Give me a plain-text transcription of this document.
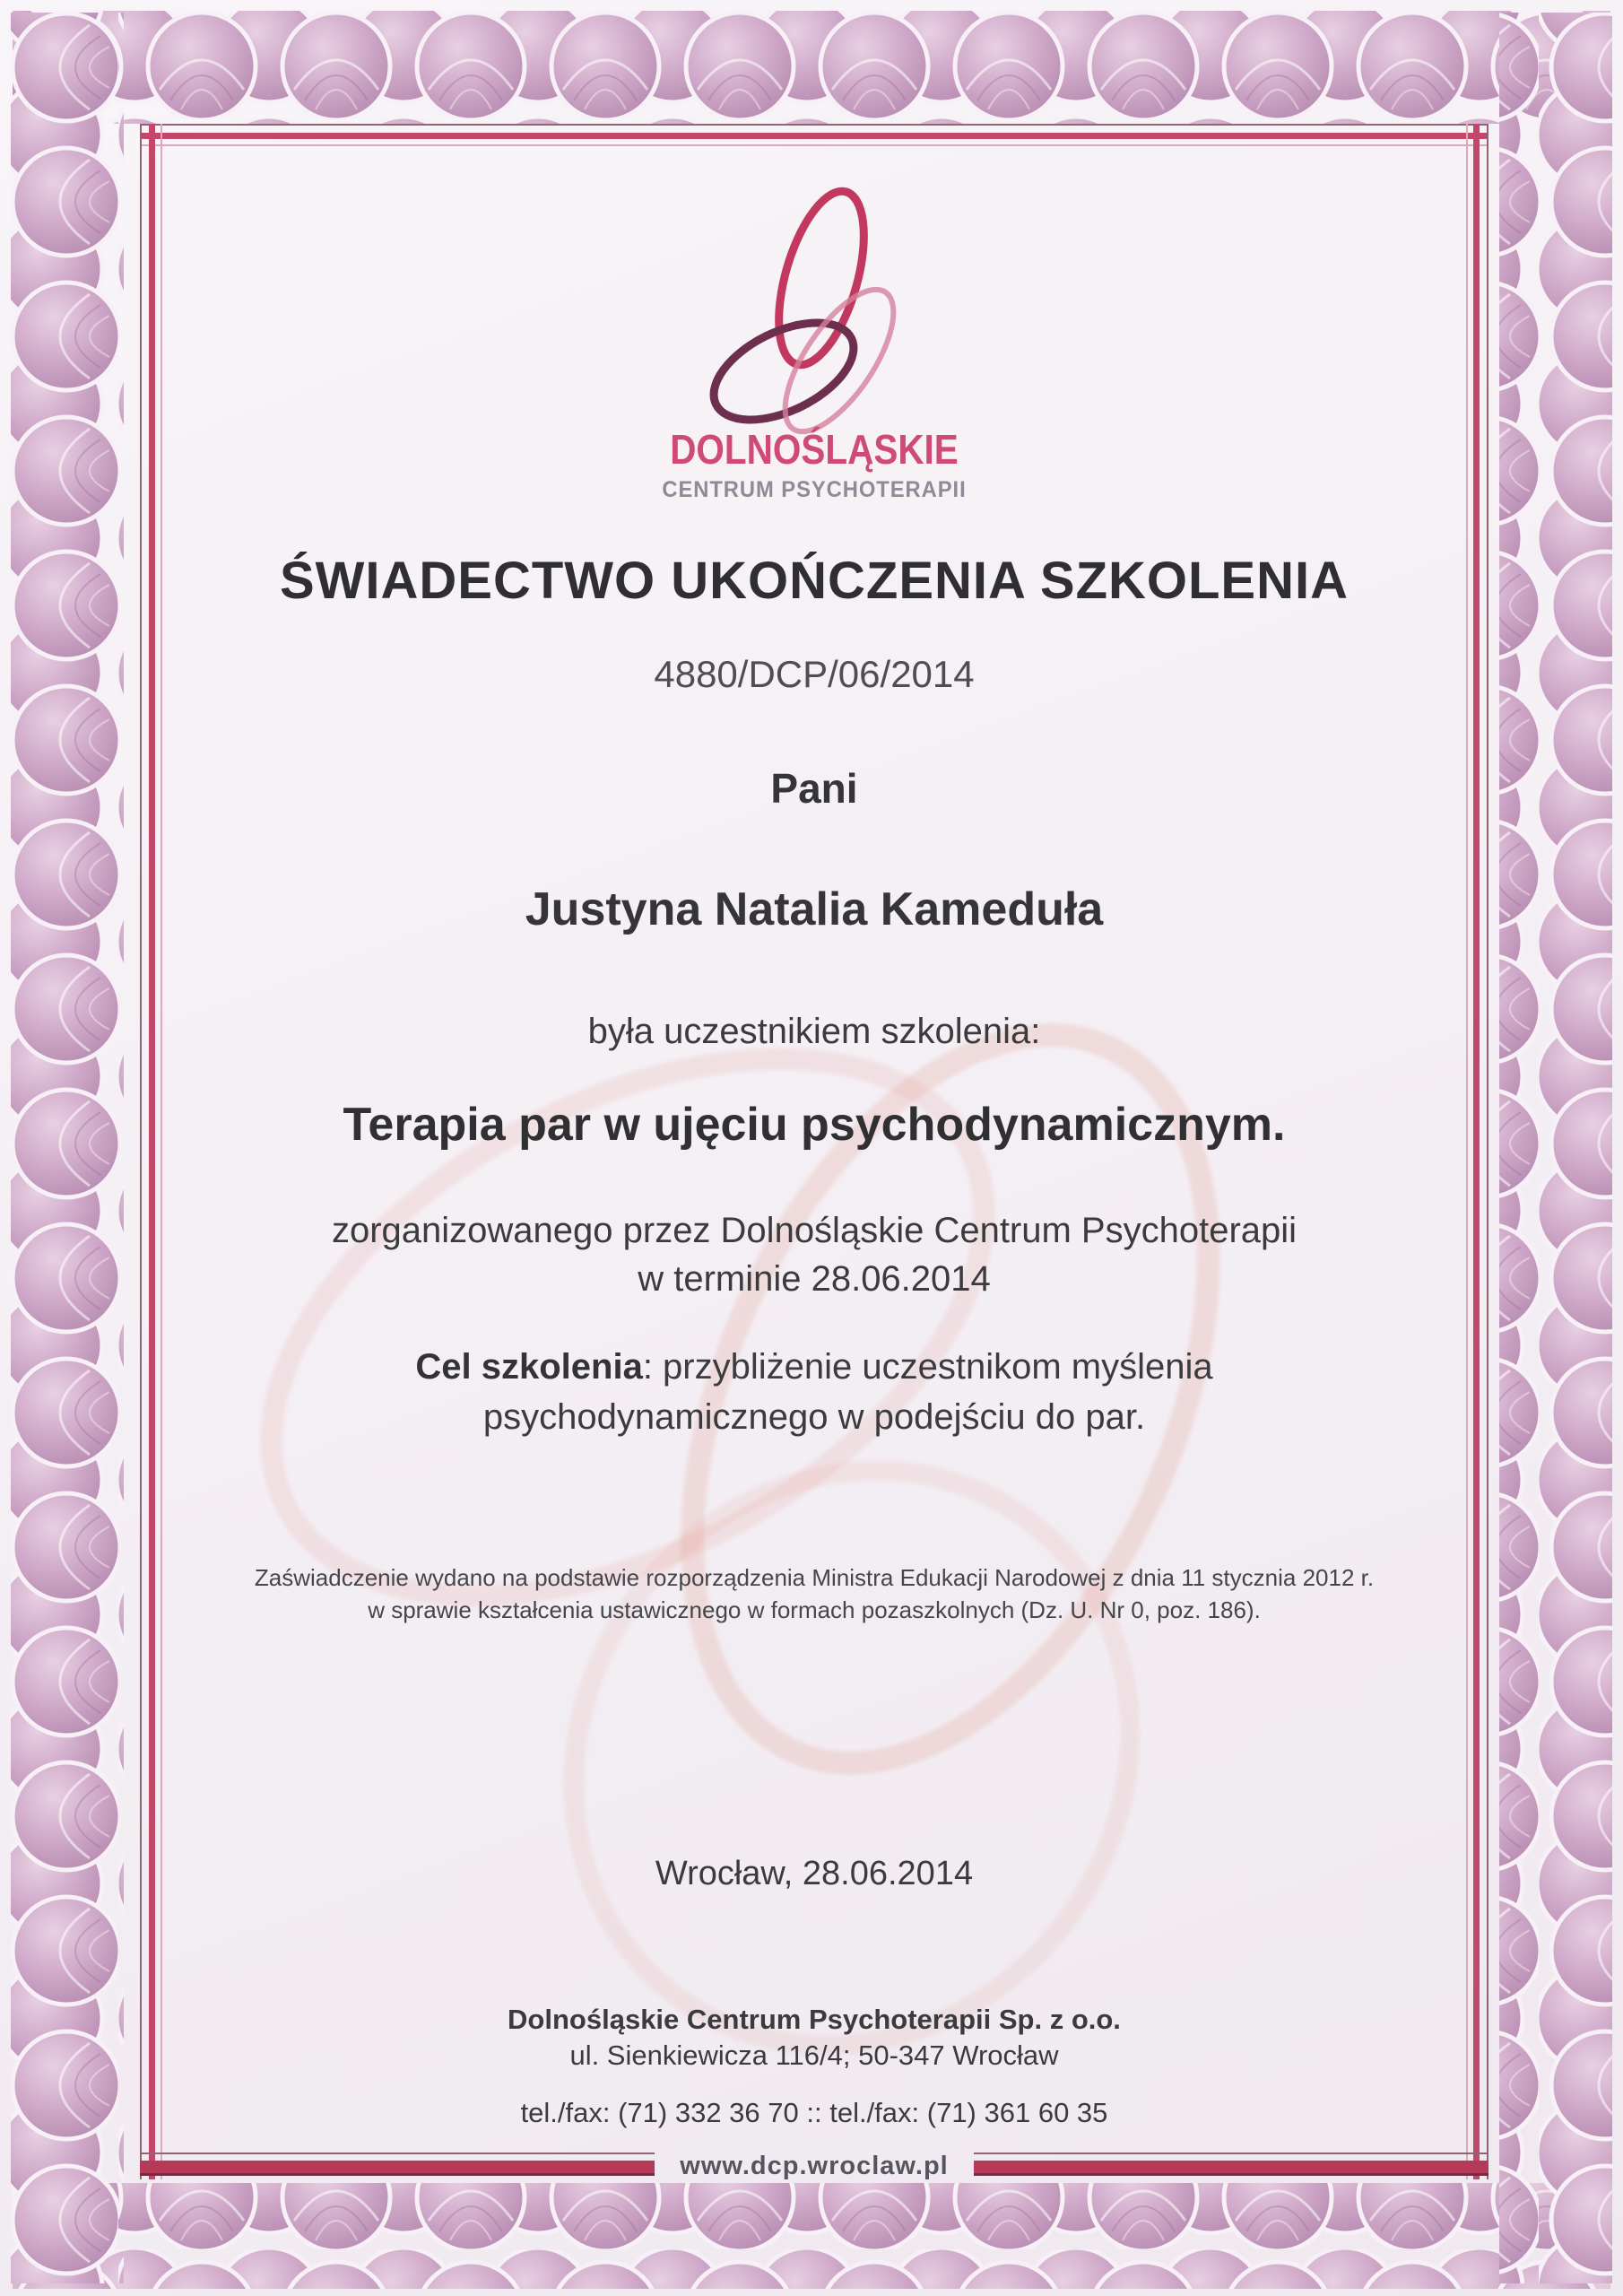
www.dcp.wroclaw.pl
DOLNOŚLĄSKIE
CENTRUM PSYCHOTERAPII
ŚWIADECTWO UKOŃCZENIA SZKOLENIA
4880/DCP/06/2014
Pani
Justyna Natalia Kameduła
była uczestnikiem szkolenia:
Terapia par w ujęciu psychodynamicznym.
zorganizowanego przez Dolnośląskie Centrum Psychoterapii
w terminie 28.06.2014
Cel szkolenia: przybliżenie uczestnikom myślenia
psychodynamicznego w podejściu do par.
Zaświadczenie wydano na podstawie rozporządzenia Ministra Edukacji Narodowej z dnia 11 stycznia 2012 r.
w sprawie kształcenia ustawicznego w formach pozaszkolnych (Dz. U. Nr 0, poz. 186).
Wrocław, 28.06.2014
Dolnośląskie Centrum Psychoterapii Sp. z o.o.
ul. Sienkiewicza 116/4; 50-347 Wrocław
tel./fax: (71) 332 36 70 :: tel./fax: (71) 361 60 35
